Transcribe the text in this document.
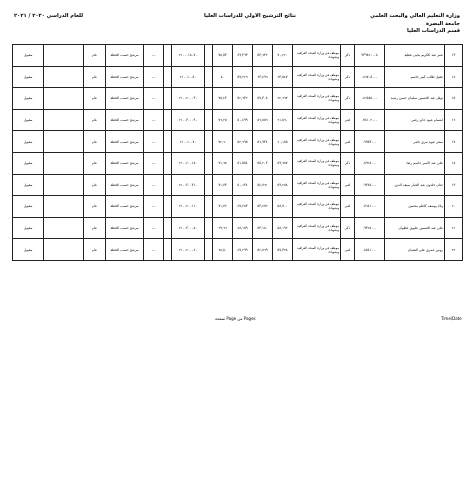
وزارة التعليم العالي والبحث العلمي
جامعة البصرة
قسم الدراسات العليا
نتائج الترشيح الاولي للدراسات العليا
للعام الدراسي ٢٠٢٠ / ٢٠٢١
١٣	عمر عبد الكريم يحيى عطية	٩٣٩٨٢٠٠٠٨	ذكر	موظف في وزارة الصحة العراقية وبشهادة	٧٠,٢٢٠	٥٣,٦٣٢	٤٩,٣٦٣	٧٨,٥٣		٢١٠٠٠١٨٠٧٠		---	مرشح حسب الخطة	عام		مقبول
١٤	عقيل طالب كبير جاسم	٠٨٦٧٠٥٠٠٠	ذكر	موظف في وزارة الصحة العراقية وبشهادة	٦٣,٥٤٧	٦٣,٤٩٦	٥٧,٢٢٦	٨٠		٢١٠٠١٠٠٥٠		---	مرشح حسب الخطة	عام		مقبول
١٥	نوفل عبد الحسين سلمان حسن رشيد	٠٨٦٥٤٥٠٠٠	ذكر	موظف في وزارة الصحة العراقية وبشهادة	٦٢,٦٦٧	٥٧,٣٠٨	٥٢,٦٣٢	٧٥,٤٣		٢١٠٠٢٠٠٠٣٠		---	مرشح حسب الخطة	عام		مقبول
١٦	ابتسام عبود جابر رضي	٠٧٤١٠٢٠٠٠	انثى	موظف في وزارة الصحة العراقية وبشهادة	٦١,٥٦٠	٥٦,٨٥٦	٥٠,٤٩٩	٧٦,٢٥		٢١٠٠٣٠٠٠٩٠		---	مرشح حسب الخطة	عام		مقبول
١٧	سحر عبود تبري ناصر	٠٩٩٥٣٠٠٠	انثى	موظف في وزارة الصحة العراقية وبشهادة	٦٠,١٥٥	٥٦,٩٣٤	٥٢,٦٩٥	٧٢,٦٠		٢١٠٠١٠٠٧٠		---	مرشح حسب الخطة	عام		مقبول
١٨	علي عبد الامير جاسم رضا	٠٨٩٦٤٠٠٠	ذكر	موظف في وزارة الصحة العراقية وبشهادة	٥٩,٦٨٧	٥٥,٢٠٣	٥١,٥٥٤	٧١,٦٨		٢١٠٠٢٠٠١٨٠		---	مرشح حسب الخطة	عام		مقبول
١٩	جنان خلدون عبد الجبار سيف الدين	٠٩٣٤٥٠٠٠	انثى	موظف في وزارة الصحة العراقية وبشهادة	٥٩,٢٨٨	٥٤,٧٦١	٥٠,١٣٤	٧١,٧٣		٢١٠٠٣٠٠٣١٠		---	مرشح حسب الخطة	عام		مقبول
٢٠	ولاء يوسف كاظم محسن	٠٧٦٤١٠٠٠	انثى	موظف في وزارة الصحة العراقية وبشهادة	٥٨,٧٠٠	٥٣,٤٧٢	٤٧,٢٨٣	٧١,٧٢		٢١٠٠٢٠٠١١٠		---	مرشح حسب الخطة	عام		مقبول
٢١	علي عبد الحسين عليوي عطوان	٠٩٣٢٨٠٠٠	ذكر	موظف في وزارة الصحة العراقية وبشهادة	٥٨,١٩٢	٥٣,١٨٠	٤٨,١٥٩	٦٩,٦٦		٢١٠٠٣٠٠٠٨٠		---	مرشح حسب الخطة	عام		مقبول
٢٢	روس عمري علي النعمان	٠٨٥٤١٠٠٠	انثى	موظف في وزارة الصحة العراقية وبشهادة	٥٧,٣٢٨	٥٢,٨٦٩	٤٧,٢٩٩	٦٨,٥٠		٢١٠٠٢٠٠٠٤٠		---	مرشح حسب الخطة	عام		مقبول
Time\Date
صفحة Page من Pages
